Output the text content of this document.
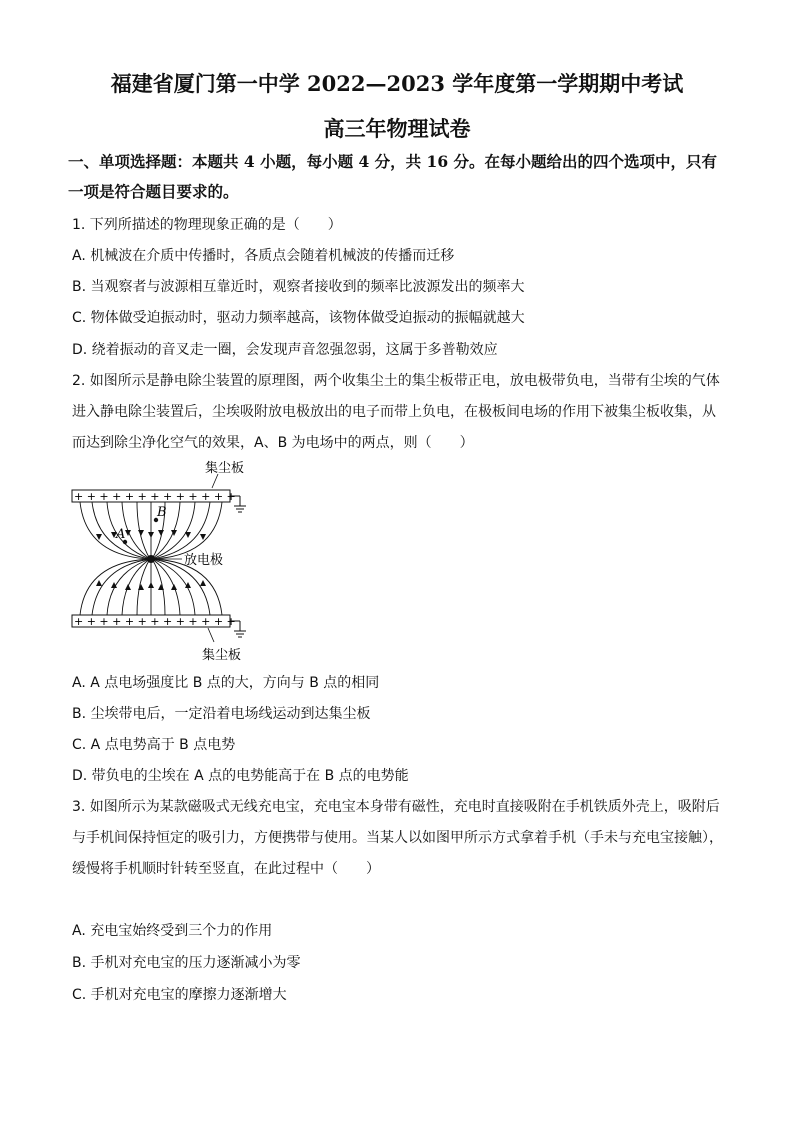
福建省厦门第一中学 2022—2023 学年度第一学期期中考试
高三年物理试卷
一、单项选择题：本题共 4 小题，每小题 4 分，共 16 分。在每小题给出的四个选项中，只有
一项是符合题目要求的。
1. 下列所描述的物理现象正确的是（　　）
A. 机械波在介质中传播时，各质点会随着机械波的传播而迁移
B. 当观察者与波源相互靠近时，观察者接收到的频率比波源发出的频率大
C. 物体做受迫振动时，驱动力频率越高，该物体做受迫振动的振幅就越大
D. 绕着振动的音叉走一圈，会发现声音忽强忽弱，这属于多普勒效应
2. 如图所示是静电除尘装置的原理图，两个收集尘土的集尘板带正电，放电极带负电，当带有尘埃的气体
进入静电除尘装置后，尘埃吸附放电极放出的电子而带上负电，在极板间电场的作用下被集尘板收集，从
而达到除尘净化空气的效果，A、B 为电场中的两点，则（　　）
+ + + + + + + + + + + + +
集尘板
+ + + + + + + + + + + + +
集尘板
放电极
A
B
A. A 点电场强度比 B 点的大，方向与 B 点的相同
B. 尘埃带电后，一定沿着电场线运动到达集尘板
C. A 点电势高于 B 点电势
D. 带负电的尘埃在 A 点的电势能高于在 B 点的电势能
3. 如图所示为某款磁吸式无线充电宝，充电宝本身带有磁性，充电时直接吸附在手机铁质外壳上，吸附后
与手机间保持恒定的吸引力，方便携带与使用。当某人以如图甲所示方式拿着手机（手未与充电宝接触），
缓慢将手机顺时针转至竖直，在此过程中（　　）
A. 充电宝始终受到三个力的作用
B. 手机对充电宝的压力逐渐减小为零
C. 手机对充电宝的摩擦力逐渐增大
